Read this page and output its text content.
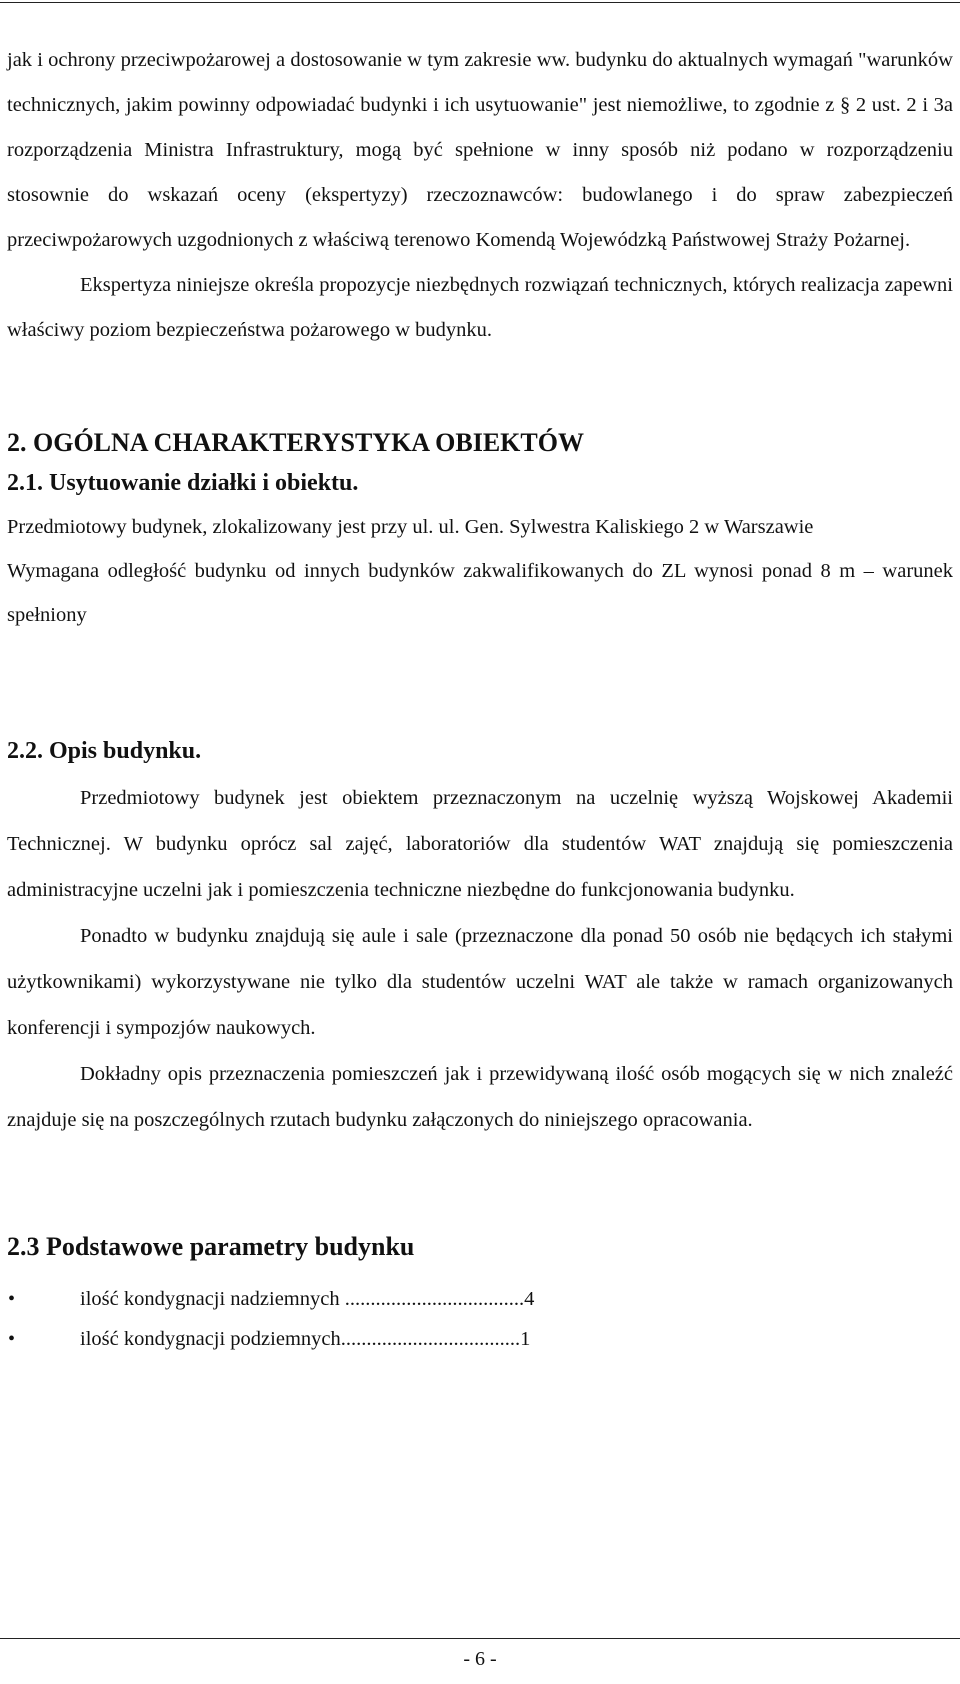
jak i ochrony przeciwpożarowej a dostosowanie w tym zakresie ww. budynku do aktualnych wymagań "warunków technicznych, jakim powinny odpowiadać budynki i ich usytuowanie" jest niemożliwe, to zgodnie z § 2 ust. 2 i 3a rozporządzenia Ministra Infrastruktury, mogą być spełnione w inny sposób niż podano w rozporządzeniu stosownie do wskazań oceny (ekspertyzy) rzeczoznawców: budowlanego i do spraw zabezpieczeń przeciwpożarowych uzgodnionych z właściwą terenowo Komendą Wojewódzką Państwowej Straży Pożarnej.

Ekspertyza niniejsze określa propozycje niezbędnych rozwiązań technicznych, których realizacja zapewni właściwy poziom bezpieczeństwa pożarowego w budynku.

2. OGÓLNA CHARAKTERYSTYKA OBIEKTÓW
2.1. Usytuowanie działki i obiektu.

Przedmiotowy budynek, zlokalizowany jest przy ul. ul. Gen. Sylwestra Kaliskiego 2 w Warszawie

Wymagana odległość budynku od innych budynków zakwalifikowanych do ZL wynosi ponad 8 m – warunek spełniony

2.2. Opis budynku.

Przedmiotowy budynek jest obiektem przeznaczonym na uczelnię wyższą Wojskowej Akademii Technicznej. W budynku oprócz sal zajęć, laboratoriów dla studentów WAT znajdują się pomieszczenia administracyjne uczelni jak i pomieszczenia techniczne niezbędne do funkcjonowania budynku.

Ponadto w budynku znajdują się aule i sale (przeznaczone dla ponad 50 osób nie będących ich stałymi użytkownikami) wykorzystywane nie tylko dla studentów uczelni WAT ale także w ramach organizowanych konferencji i sympozjów naukowych.

Dokładny opis przeznaczenia pomieszczeń jak i przewidywaną ilość osób mogących się w nich znaleźć znajduje się na poszczególnych rzutach budynku załączonych do niniejszego opracowania.

2.3 Podstawowe parametry budynku
•	ilość kondygnacji nadziemnych ...................................4
•	ilość kondygnacji podziemnych...................................1
- 6 -
